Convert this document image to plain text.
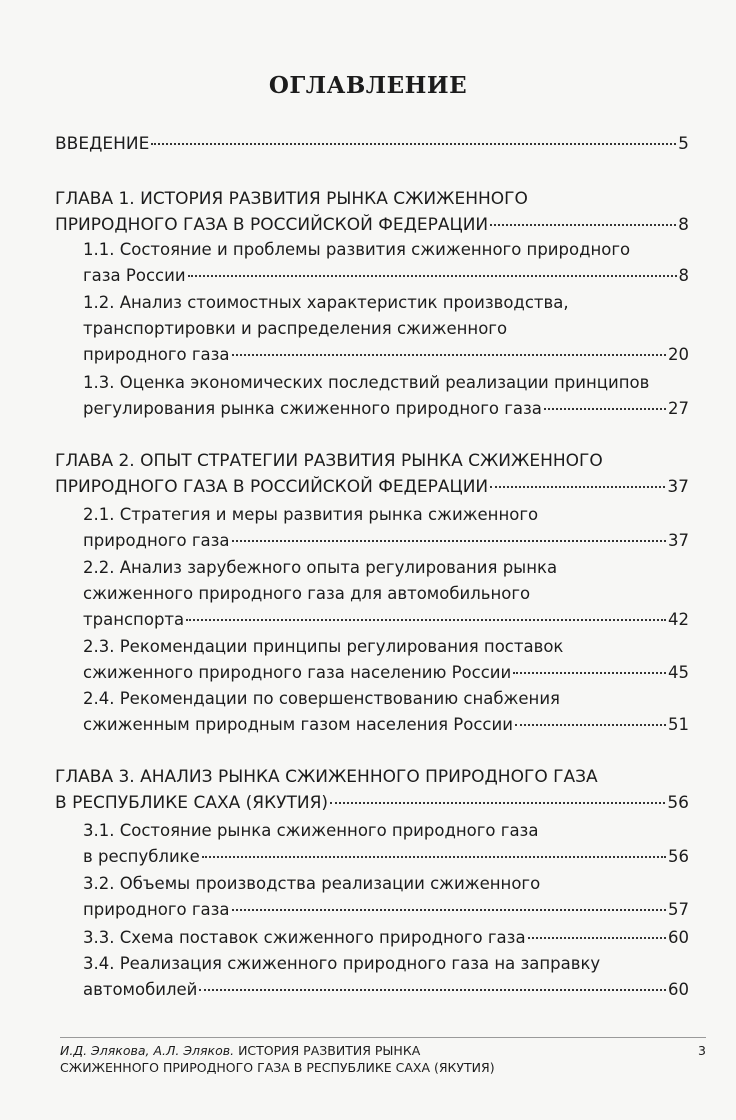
ОГЛАВЛЕНИЕ
ВВЕДЕНИЕ	5
ГЛАВА 1. ИСТОРИЯ РАЗВИТИЯ РЫНКА СЖИЖЕННОГО
ПРИРОДНОГО ГАЗА В РОССИЙСКОЙ ФЕДЕРАЦИИ	8
1.1. Состояние и проблемы развития сжиженного природного
газа России	8
1.2. Анализ стоимостных характеристик производства,
транспортировки и распределения сжиженного
природного газа	20
1.3. Оценка экономических последствий реализации принципов
регулирования рынка сжиженного природного газа	27
ГЛАВА 2. ОПЫТ СТРАТЕГИИ РАЗВИТИЯ РЫНКА СЖИЖЕННОГО
ПРИРОДНОГО ГАЗА В РОССИЙСКОЙ ФЕДЕРАЦИИ	37
2.1. Стратегия и меры развития рынка сжиженного
природного газа	37
2.2. Анализ зарубежного опыта регулирования рынка
сжиженного природного газа для автомобильного
транспорта	42
2.3. Рекомендации принципы регулирования поставок
сжиженного природного газа населению России	45
2.4. Рекомендации по совершенствованию снабжения
сжиженным природным газом населения России	51
ГЛАВА 3. АНАЛИЗ РЫНКА СЖИЖЕННОГО ПРИРОДНОГО ГАЗА
В РЕСПУБЛИКЕ САХА (ЯКУТИЯ)	56
3.1. Состояние рынка сжиженного природного газа
в республике	56
3.2. Объемы производства реализации сжиженного
природного газа	57
3.3. Схема поставок сжиженного природного газа	60
3.4. Реализация сжиженного природного газа на заправку
автомобилей	60
И.Д. Элякова, А.Л. Эляков. ИСТОРИЯ РАЗВИТИЯ РЫНКА
СЖИЖЕННОГО ПРИРОДНОГО ГАЗА В РЕСПУБЛИКЕ САХА (ЯКУТИЯ)
3
